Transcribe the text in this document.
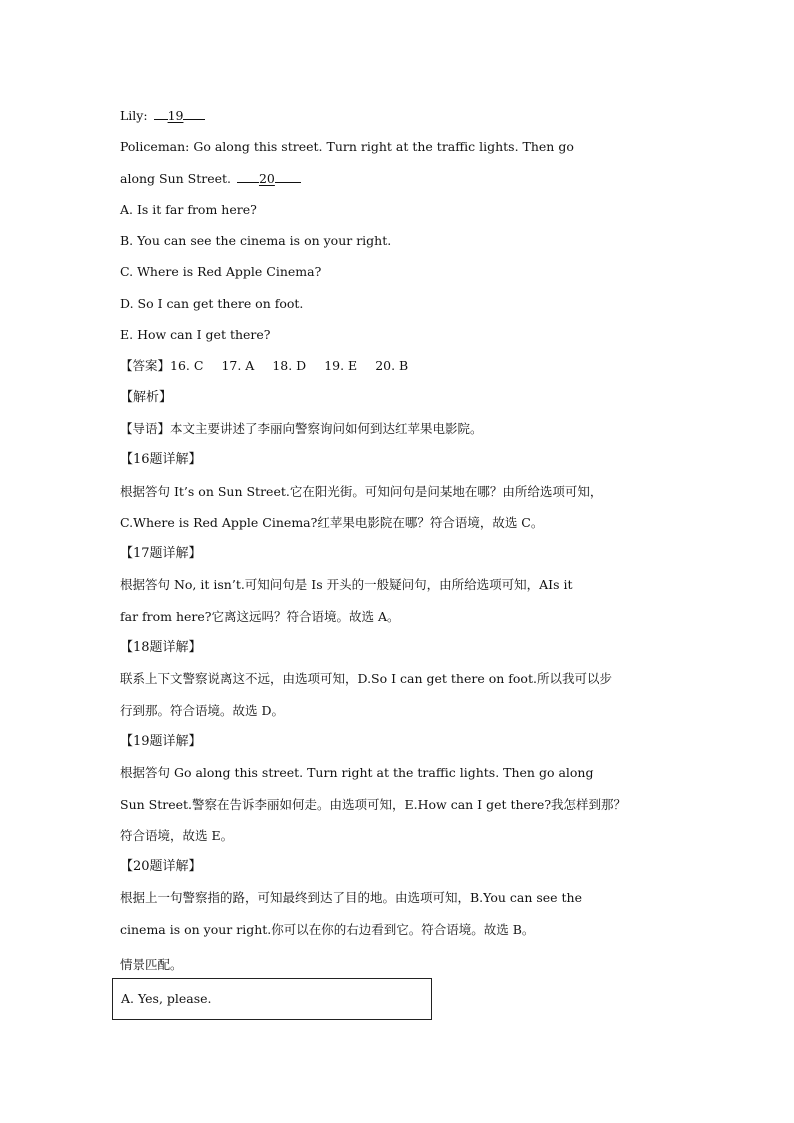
Lily: 19
Policeman: Go along this street. Turn right at the traffic lights. Then go
along Sun Street. 20
A. Is it far from here?
B. You can see the cinema is on your right.
C. Where is Red Apple Cinema?
D. So I can get there on foot.
E. How can I get there?
【答案】16. C 17. A 18. D 19. E 20. B
【解析】
【导语】本文主要讲述了李丽向警察询问如何到达红苹果电影院。
【16题详解】
根据答句 It’s on Sun Street.它在阳光街。可知问句是问某地在哪？由所给选项可知，
C.Where is Red Apple Cinema?红苹果电影院在哪？符合语境，故选 C。
【17题详解】
根据答句 No, it isn’t.可知问句是 Is 开头的一般疑问句，由所给选项可知，AIs it
far from here?它离这远吗？符合语境。故选 A。
【18题详解】
联系上下文警察说离这不远，由选项可知，D.So I can get there on foot.所以我可以步
行到那。符合语境。故选 D。
【19题详解】
根据答句 Go along this street. Turn right at the traffic lights. Then go along
Sun Street.警察在告诉李丽如何走。由选项可知，E.How can I get there?我怎样到那？
符合语境，故选 E。
【20题详解】
根据上一句警察指的路，可知最终到达了目的地。由选项可知，B.You can see the
cinema is on your right.你可以在你的右边看到它。符合语境。故选 B。
情景匹配。
A. Yes, please.
